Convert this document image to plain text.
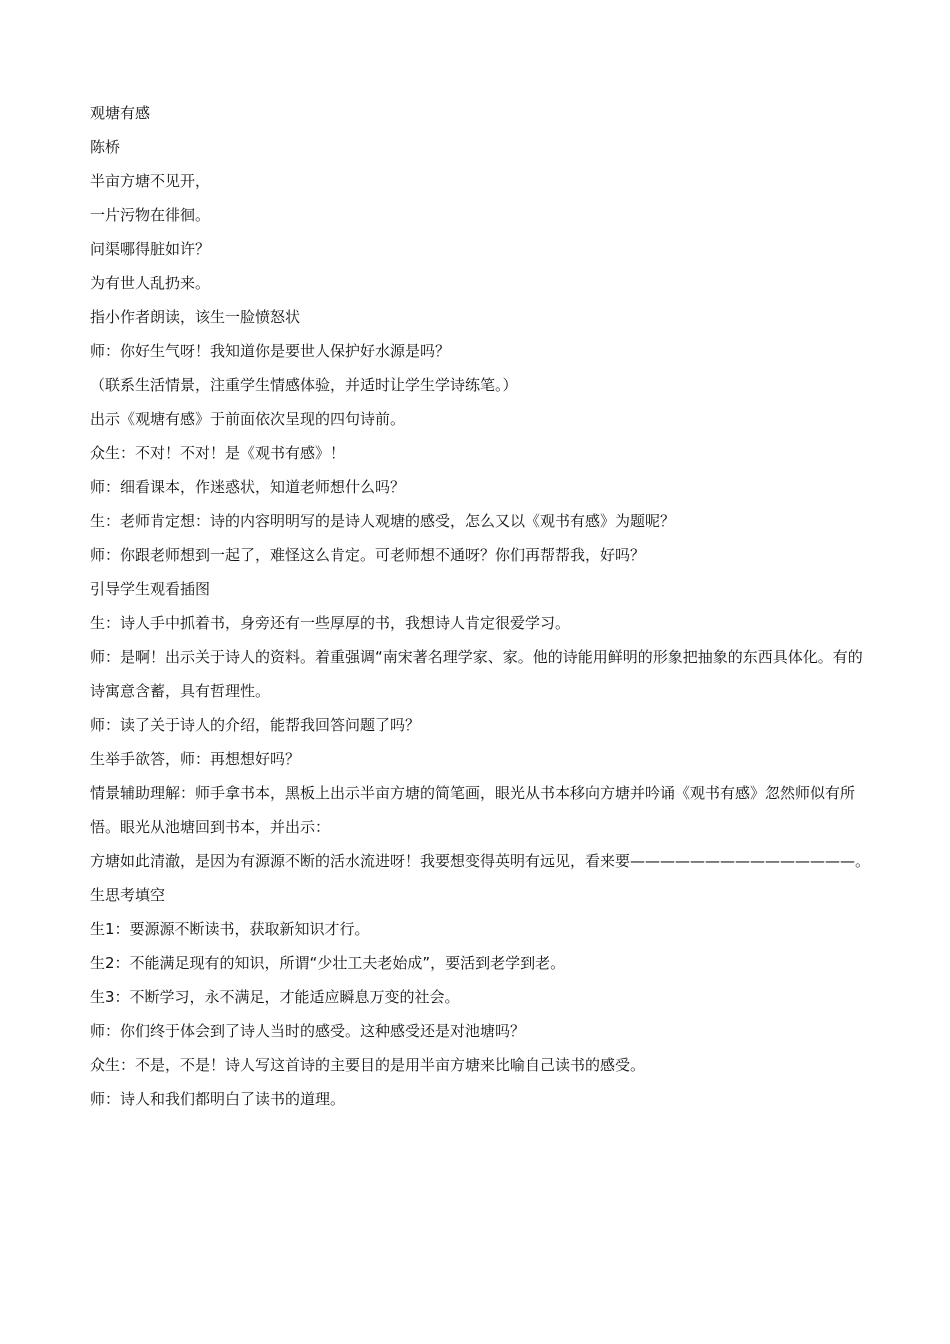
观塘有感

陈桥

半亩方塘不见开，

一片污物在徘徊。

问渠哪得脏如许？

为有世人乱扔来。

指小作者朗读，该生一脸愤怒状

师：你好生气呀！我知道你是要世人保护好水源是吗？

（联系生活情景，注重学生情感体验，并适时让学生学诗练笔。）

出示《观塘有感》于前面依次呈现的四句诗前。

众生：不对！不对！是《观书有感》！

师：细看课本，作迷惑状，知道老师想什么吗？

生：老师肯定想：诗的内容明明写的是诗人观塘的感受，怎么又以《观书有感》为题呢？

师：你跟老师想到一起了，难怪这么肯定。可老师想不通呀？你们再帮帮我，好吗？

引导学生观看插图

生：诗人手中抓着书，身旁还有一些厚厚的书，我想诗人肯定很爱学习。

师：是啊！出示关于诗人的资料。着重强调“南宋著名理学家、家。他的诗能用鲜明的形象把抽象的东西具体化。有的诗寓意含蓄，具有哲理性。

师：读了关于诗人的介绍，能帮我回答问题了吗？

生举手欲答，师：再想想好吗？

情景辅助理解：师手拿书本，黑板上出示半亩方塘的简笔画，眼光从书本移向方塘并吟诵《观书有感》忽然师似有所悟。眼光从池塘回到书本，并出示：

方塘如此清澈，是因为有源源不断的活水流进呀！我要想变得英明有远见，看来要———————————————。

生思考填空

生1：要源源不断读书，获取新知识才行。

生2：不能满足现有的知识，所谓“少壮工夫老始成”，要活到老学到老。

生3：不断学习，永不满足，才能适应瞬息万变的社会。

师：你们终于体会到了诗人当时的感受。这种感受还是对池塘吗？

众生：不是，不是！诗人写这首诗的主要目的是用半亩方塘来比喻自己读书的感受。

师：诗人和我们都明白了读书的道理。
